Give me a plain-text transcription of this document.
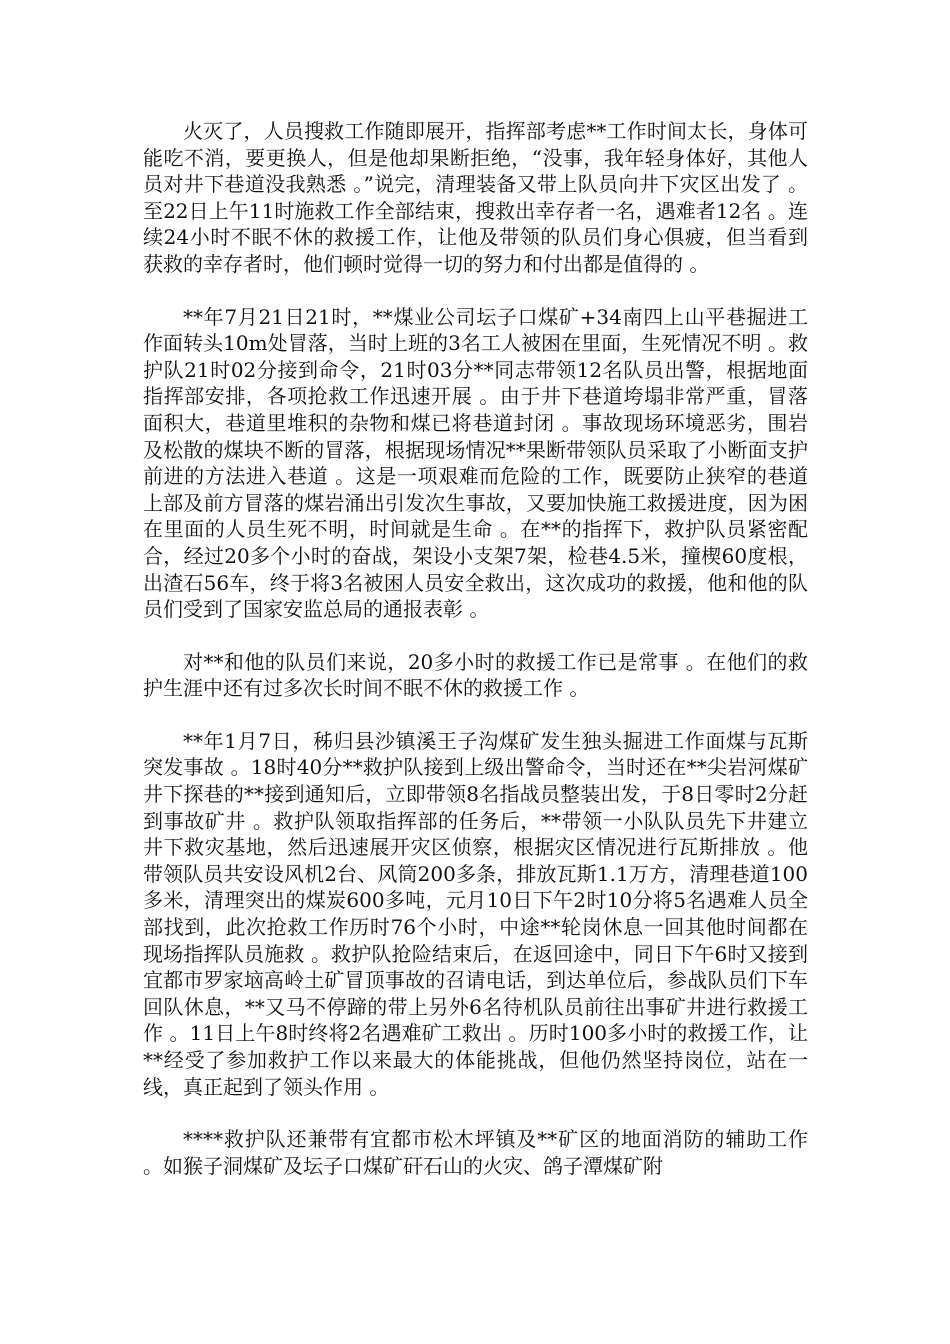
火灭了，人员搜救工作随即展开，指挥部考虑**工作时间太长，身体可能吃不消，要更换人，但是他却果断拒绝，“没事，我年轻身体好，其他人员对井下巷道没我熟悉 。”说完，清理装备又带上队员向井下灾区出发了 。至22日上午11时施救工作全部结束，搜救出幸存者一名，遇难者12名 。连续24小时不眠不休的救援工作，让他及带领的队员们身心俱疲，但当看到获救的幸存者时，他们顿时觉得一切的努力和付出都是值得的 。

**年7月21日21时，**煤业公司坛子口煤矿+34南四上山平巷掘进工作面转头10m处冒落，当时上班的3名工人被困在里面，生死情况不明 。救护队21时02分接到命令，21时03分**同志带领12名队员出警，根据地面指挥部安排，各项抢救工作迅速开展 。由于井下巷道垮塌非常严重，冒落面积大，巷道里堆积的杂物和煤已将巷道封闭 。事故现场环境恶劣，围岩及松散的煤块不断的冒落，根据现场情况**果断带领队员采取了小断面支护前进的方法进入巷道 。这是一项艰难而危险的工作，既要防止狭窄的巷道上部及前方冒落的煤岩涌出引发次生事故，又要加快施工救援进度，因为困在里面的人员生死不明，时间就是生命 。在**的指挥下，救护队员紧密配合，经过20多个小时的奋战，架设小支架7架，检巷4.5米，撞楔60度根，出渣石56车，终于将3名被困人员安全救出，这次成功的救援，他和他的队员们受到了国家安监总局的通报表彰 。

对**和他的队员们来说，20多小时的救援工作已是常事 。在他们的救护生涯中还有过多次长时间不眠不休的救援工作 。

**年1月7日，秭归县沙镇溪王子沟煤矿发生独头掘进工作面煤与瓦斯突发事故 。18时40分**救护队接到上级出警命令，当时还在**尖岩河煤矿井下探巷的**接到通知后，立即带领8名指战员整装出发，于8日零时2分赶到事故矿井 。救护队领取指挥部的任务后，**带领一小队队员先下井建立井下救灾基地，然后迅速展开灾区侦察，根据灾区情况进行瓦斯排放 。他带领队员共安设风机2台、风筒200多条，排放瓦斯1.1万方，清理巷道100多米，清理突出的煤炭600多吨，元月10日下午2时10分将5名遇难人员全部找到，此次抢救工作历时76个小时，中途**轮岗休息一回其他时间都在现场指挥队员施救 。救护队抢险结束后，在返回途中，同日下午6时又接到宜都市罗家垴高岭土矿冒顶事故的召请电话，到达单位后，参战队员们下车回队休息，**又马不停蹄的带上另外6名待机队员前往出事矿井进行救援工作 。11日上午8时终将2名遇难矿工救出 。历时100多小时的救援工作，让**经受了参加救护工作以来最大的体能挑战，但他仍然坚持岗位，站在一线，真正起到了领头作用 。

****救护队还兼带有宜都市松木坪镇及**矿区的地面消防的辅助工作 。如猴子洞煤矿及坛子口煤矿矸石山的火灾、鸽子潭煤矿附
